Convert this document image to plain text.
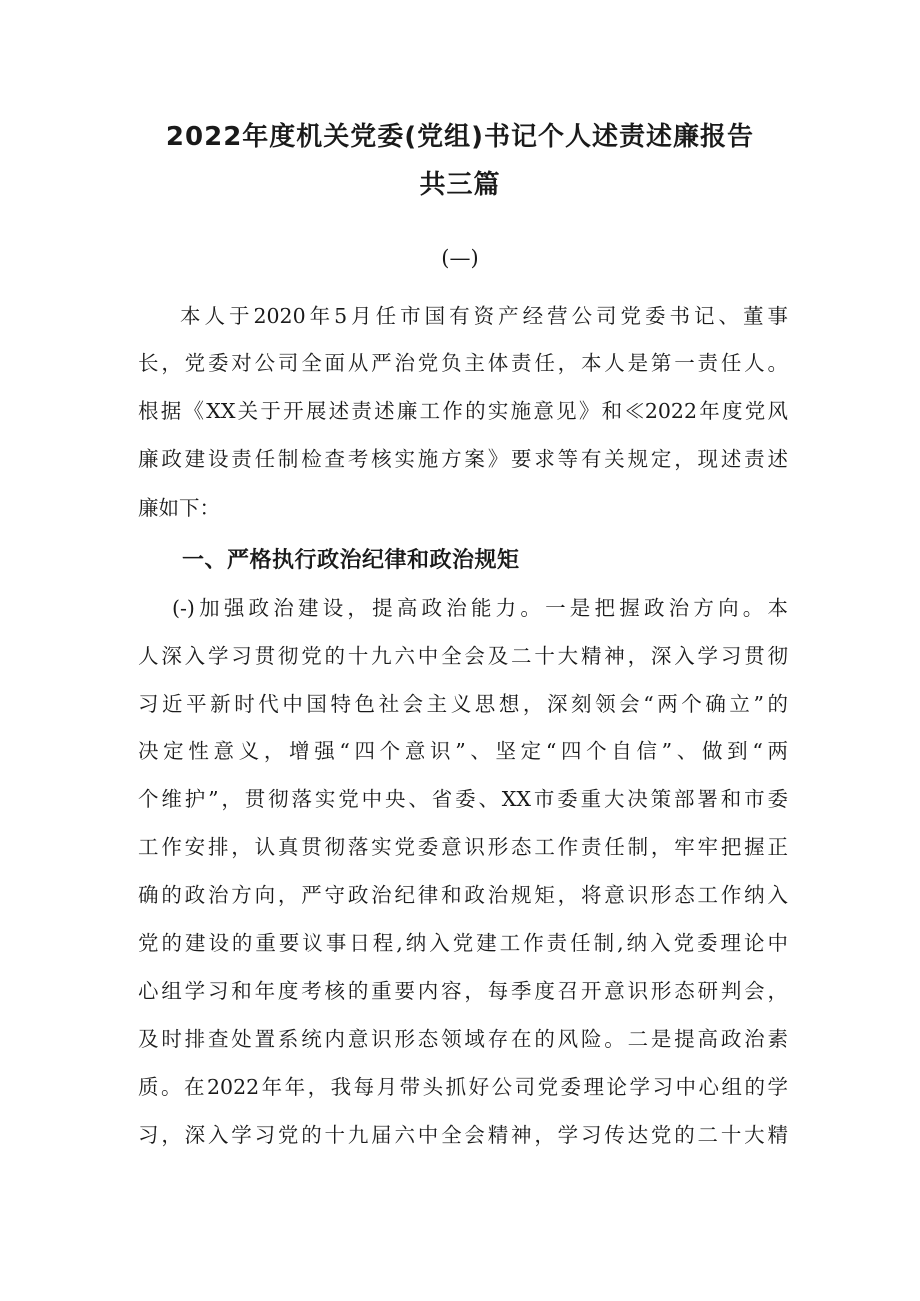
2022年度机关党委(党组)书记个人述责述廉报告
共三篇
(—)
本人于2020年5月任市国有资产经营公司党委书记、董事
长，党委对公司全面从严治党负主体责任，本人是第一责任人。
根据《XX关于开展述责述廉工作的实施意见》和≪2022年度党风
廉政建设责任制检查考核实施方案》要求等有关规定，现述责述
廉如下：
一、严格执行政治纪律和政治规矩
(-)加强政治建设，提高政治能力。一是把握政治方向。本
人深入学习贯彻党的十九六中全会及二十大精神，深入学习贯彻
习近平新时代中国特色社会主义思想，深刻领会“两个确立”的
决定性意义，增强“四个意识”、坚定“四个自信”、做到“两
个维护”，贯彻落实党中央、省委、XX市委重大决策部署和市委
工作安排，认真贯彻落实党委意识形态工作责任制，牢牢把握正
确的政治方向，严守政治纪律和政治规矩，将意识形态工作纳入
党的建设的重要议事日程,纳入党建工作责任制,纳入党委理论中
心组学习和年度考核的重要内容，每季度召开意识形态研判会，
及时排查处置系统内意识形态领域存在的风险。二是提高政治素
质。在2022年年，我每月带头抓好公司党委理论学习中心组的学
习，深入学习党的十九届六中全会精神，学习传达党的二十大精
